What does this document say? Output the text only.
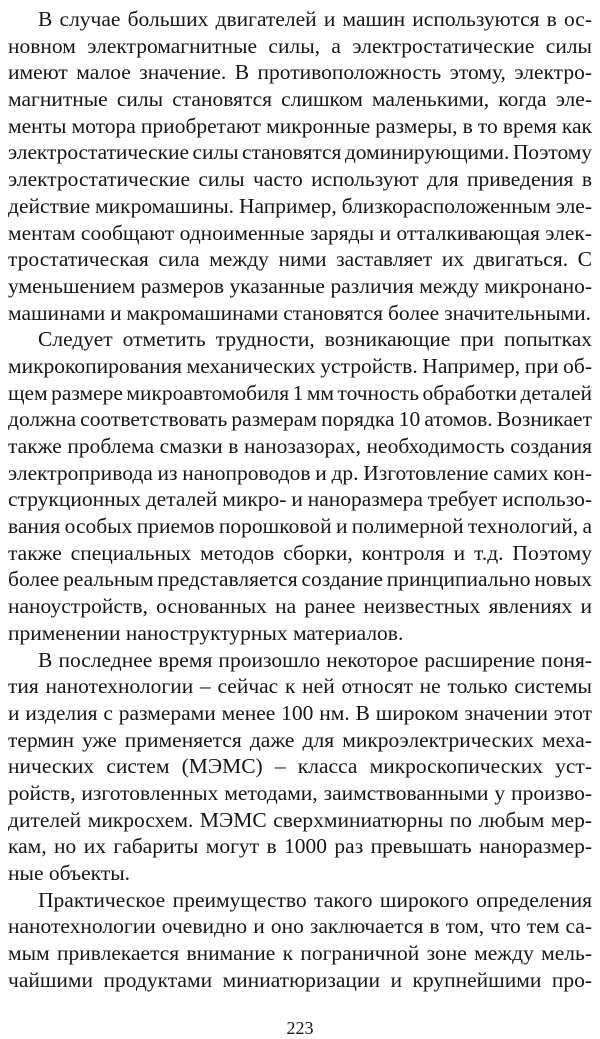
В случае больших двигателей и машин используются в ос-
новном электромагнитные силы, а электростатические силы
имеют малое значение. В противоположность этому, электро-
магнитные силы становятся слишком маленькими, когда эле-
менты мотора приобретают микронные размеры, в то время как
электростатические силы становятся доминирующими. Поэтому
электростатические силы часто используют для приведения в
действие микромашины. Например, близкорасположенным эле-
ментам сообщают одноименные заряды и отталкивающая элек-
тростатическая сила между ними заставляет их двигаться. С
уменьшением размеров указанные различия между микронано-
машинами и макромашинами становятся более значительными.
Следует отметить трудности, возникающие при попытках
микрокопирования механических устройств. Например, при об-
щем размере микроавтомобиля 1 мм точность обработки деталей
должна соответствовать размерам порядка 10 атомов. Возникает
также проблема смазки в нанозазорах, необходимость создания
электропривода из нанопроводов и др. Изготовление самих кон-
струкционных деталей микро- и наноразмера требует использо-
вания особых приемов порошковой и полимерной технологий, а
также специальных методов сборки, контроля и т.д. Поэтому
более реальным представляется создание принципиально новых
наноустройств, основанных на ранее неизвестных явлениях и
применении наноструктурных материалов.
В последнее время произошло некоторое расширение поня-
тия нанотехнологии – сейчас к ней относят не только системы
и изделия с размерами менее 100 нм. В широком значении этот
термин уже применяется даже для микроэлектрических меха-
нических систем (МЭМС) – класса микроскопических уст-
ройств, изготовленных методами, заимствованными у произво-
дителей микросхем. МЭМС сверхминиатюрны по любым мер-
кам, но их габариты могут в 1000 раз превышать наноразмер-
ные объекты.
Практическое преимущество такого широкого определения
нанотехнологии очевидно и оно заключается в том, что тем са-
мым привлекается внимание к пограничной зоне между мель-
чайшими продуктами миниатюризации и крупнейшими про-
223
